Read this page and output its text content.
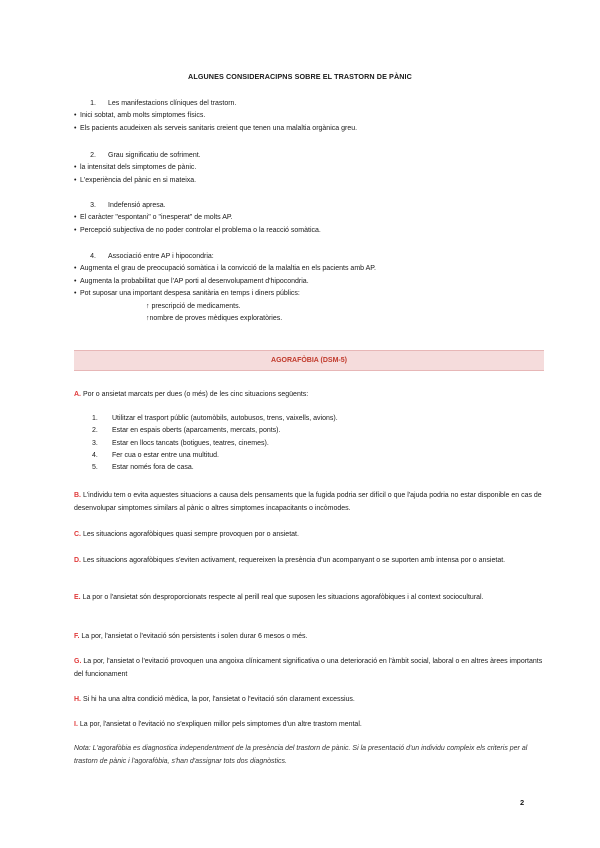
ALGUNES CONSIDERACIPNS SOBRE EL TRASTORN DE PÀNIC
1.	Les manifestacions clíniques del trastorn.
• Inici sobtat, amb molts simptomes físics.
• Els pacients acudeixen als serveis sanitaris creient que tenen una malaltia orgànica greu.
2.	Grau significatiu de sofriment.
• la intensitat dels simptomes de pànic.
• L'experiència del pànic en si mateixa.
3.	Indefensió apresa.
• El caràcter "espontani" o "inesperat" de molts AP.
• Percepció subjectiva de no poder controlar el problema o la reacció somàtica.
4.	Associació entre AP i hipocondria:
• Augmenta el grau de preocupació somàtica i la convicció de la malaltia en els pacients amb AP.
• Augmenta la probabilitat que l'AP porti al desenvolupament d'hipocondria.
• Pot suposar una important despesa sanitària en temps i diners públics:
↑ prescripció de medicaments.
↑nombre de proves mèdiques exploratòries.
AGORAFÒBIA (DSM-5)
A. Por o ansietat marcats per dues (o més) de les cinc situacions següents:
1.	Utilitzar el trasport públic (automòbils, autobusos, trens, vaixells, avions).
2.	Estar en espais oberts (aparcaments, mercats, ponts).
3.	Estar en llocs tancats (botigues, teatres, cinemes).
4.	Fer cua o estar entre una multitud.
5.	Estar només fora de casa.
B. L'individu tem o evita aquestes situacions a causa dels pensaments que la fugida podria ser difícil o que l'ajuda podria no estar disponible en cas de desenvolupar simptomes similars al pànic o altres simptomes incapacitants o incòmodes.
C. Les situacions agorafòbiques quasi sempre provoquen por o ansietat.
D. Les situacions agorafòbiques s'eviten activament, requereixen la presència d'un acompanyant o se suporten amb intensa por o ansietat.
E. La por o l'ansietat són desproporcionats respecte al perill real que suposen les situacions agorafòbiques i al context sociocultural.
F. La por, l'ansietat o l'evitació són persistents i solen durar 6 mesos o més.
G. La por, l'ansietat o l'evitació provoquen una angoixa clínicament significativa o una deterioració en l'àmbit social, laboral o en altres àrees importants del funcionament
H. Si hi ha una altra condició mèdica, la por, l'ansietat o l'evitació són clarament excessius.
I. La por, l'ansietat o l'evitació no s'expliquen millor pels simptomes d'un altre trastorn mental.
Nota: L'agorafòbia es diagnostica independentment de la presència del trastorn de pànic. Si la presentació d'un individu compleix els criteris per al trastorn de pànic i l'agorafòbia, s'han d'assignar tots dos diagnòstics.
2
